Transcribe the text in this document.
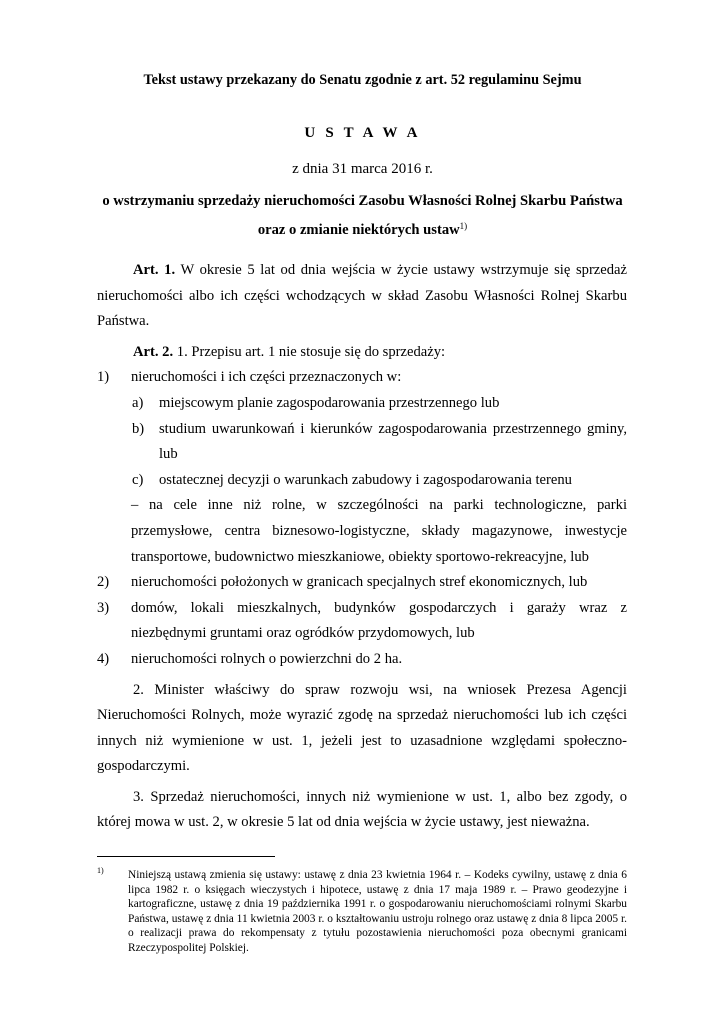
Tekst ustawy przekazany do Senatu zgodnie z art. 52 regulaminu Sejmu
U S T A W A
z dnia 31 marca 2016 r.
o wstrzymaniu sprzedaży nieruchomości Zasobu Własności Rolnej Skarbu Państwa
oraz o zmianie niektórych ustaw$^{1)}$

Art. 1. W okresie 5 lat od dnia wejścia w życie ustawy wstrzymuje się sprzedaż nieruchomości albo ich części wchodzących w skład Zasobu Własności Rolnej Skarbu Państwa.

Art. 2. 1. Przepisu art. 1 nie stosuje się do sprzedaży:

1) nieruchomości i ich części przeznaczonych w:
a) miejscowym planie zagospodarowania przestrzennego lub
b) studium uwarunkowań i kierunków zagospodarowania przestrzennego gminy, lub
c) ostatecznej decyzji o warunkach zabudowy i zagospodarowania terenu
– na cele inne niż rolne, w szczególności na parki technologiczne, parki przemysłowe, centra biznesowo-logistyczne, składy magazynowe, inwestycje transportowe, budownictwo mieszkaniowe, obiekty sportowo-rekreacyjne, lub
2) nieruchomości położonych w granicach specjalnych stref ekonomicznych, lub
3) domów, lokali mieszkalnych, budynków gospodarczych i garaży wraz z niezbędnymi gruntami oraz ogródków przydomowych, lub
4) nieruchomości rolnych o powierzchni do 2 ha.

2. Minister właściwy do spraw rozwoju wsi, na wniosek Prezesa Agencji Nieruchomości Rolnych, może wyrazić zgodę na sprzedaż nieruchomości lub ich części innych niż wymienione w ust. 1, jeżeli jest to uzasadnione względami społeczno-gospodarczymi.

3. Sprzedaż nieruchomości, innych niż wymienione w ust. 1, albo bez zgody, o której mowa w ust. 2, w okresie 5 lat od dnia wejścia w życie ustawy, jest nieważna.

1) Niniejszą ustawą zmienia się ustawy: ustawę z dnia 23 kwietnia 1964 r. – Kodeks cywilny, ustawę z dnia 6 lipca 1982 r. o księgach wieczystych i hipotece, ustawę z dnia 17 maja 1989 r. – Prawo geodezyjne i kartograficzne, ustawę z dnia 19 października 1991 r. o gospodarowaniu nieruchomościami rolnymi Skarbu Państwa, ustawę z dnia 11 kwietnia 2003 r. o kształtowaniu ustroju rolnego oraz ustawę z dnia 8 lipca 2005 r. o realizacji prawa do rekompensaty z tytułu pozostawienia nieruchomości poza obecnymi granicami Rzeczypospolitej Polskiej.
